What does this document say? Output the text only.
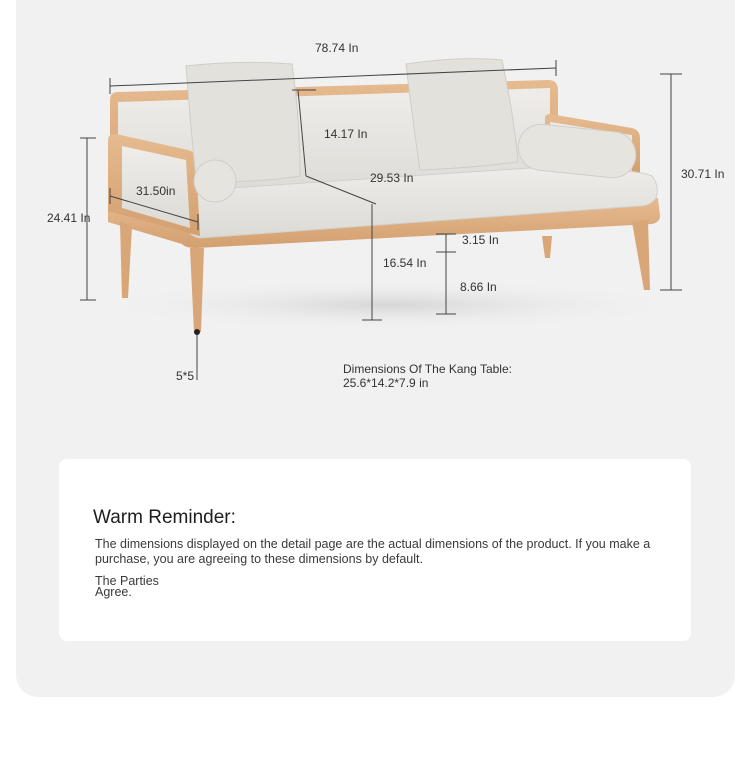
78.74 In
30.71 In
14.17 In
29.53 In
31.50in
24.41 In
16.54 In
3.15 In
8.66 In
5*5	Dimensions Of The Kang Table:
25.6*14.2*7.9 in
Warm Reminder:
The dimensions displayed on the detail page are the actual dimensions of the product. If you make a purchase, you are agreeing to these dimensions by default.
The Parties
Agree.
